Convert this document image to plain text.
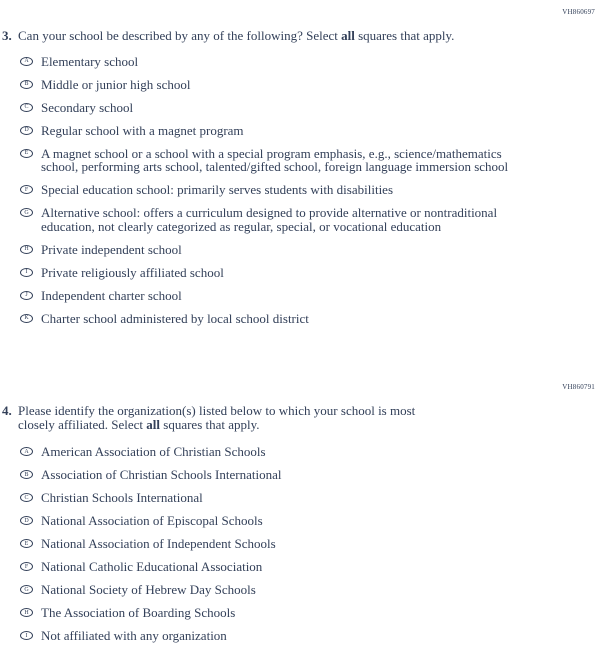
VH860697
3. Can your school be described by any of the following? Select all squares that apply.
A Elementary school
B Middle or junior high school
C Secondary school
D Regular school with a magnet program
E A magnet school or a school with a special program emphasis, e.g., science/mathematics
school, performing arts school, talented/gifted school, foreign language immersion school
F Special education school: primarily serves students with disabilities
G Alternative school: offers a curriculum designed to provide alternative or nontraditional
education, not clearly categorized as regular, special, or vocational education
H Private independent school
I Private religiously affiliated school
J Independent charter school
K Charter school administered by local school district
VH860791
4. Please identify the organization(s) listed below to which your school is most
closely affiliated. Select all squares that apply.
A American Association of Christian Schools
B Association of Christian Schools International
C Christian Schools International
D National Association of Episcopal Schools
E National Association of Independent Schools
F National Catholic Educational Association
G National Society of Hebrew Day Schools
H The Association of Boarding Schools
I Not affiliated with any organization
